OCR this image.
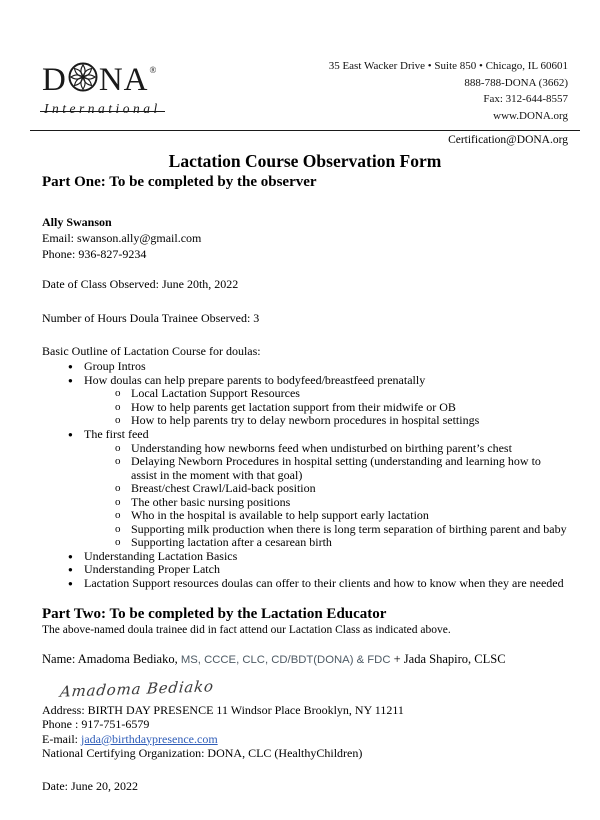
D NA ®
International
35 East Wacker Drive • Suite 850 • Chicago, IL 60601
888-788-DONA (3662)
Fax: 312-644-8557
www.DONA.org
Certification@DONA.org
Lactation Course Observation Form
Part One: To be completed by the observer
Ally Swanson
Email: swanson.ally@gmail.com
Phone: 936-827-9234
Date of Class Observed: June 20th, 2022
Number of Hours Doula Trainee Observed: 3
Basic Outline of Lactation Course for doulas:
● Group Intros
● How doulas can help prepare parents to bodyfeed/breastfeed prenatally
o Local Lactation Support Resources
o How to help parents get lactation support from their midwife or OB
o How to help parents try to delay newborn procedures in hospital settings
● The first feed
o Understanding how newborns feed when undisturbed on birthing parent’s chest
o Delaying Newborn Procedures in hospital setting (understanding and learning how to assist in the moment with that goal)
o Breast/chest Crawl/Laid-back position
o The other basic nursing positions
o Who in the hospital is available to help support early lactation
o Supporting milk production when there is long term separation of birthing parent and baby
o Supporting lactation after a cesarean birth
● Understanding Lactation Basics
● Understanding Proper Latch
● Lactation Support resources doulas can offer to their clients and how to know when they are needed
Part Two: To be completed by the Lactation Educator
The above-named doula trainee did in fact attend our Lactation Class as indicated above.
Name: Amadoma Bediako, MS, CCCE, CLC, CD/BDT(DONA) & FDC + Jada Shapiro, CLSC
Amadoma Bediako
Address: BIRTH DAY PRESENCE 11 Windsor Place Brooklyn, NY 11211
Phone : 917-751-6579
E-mail: jada@birthdaypresence.com
National Certifying Organization: DONA, CLC (HealthyChildren)
Date: June 20, 2022
